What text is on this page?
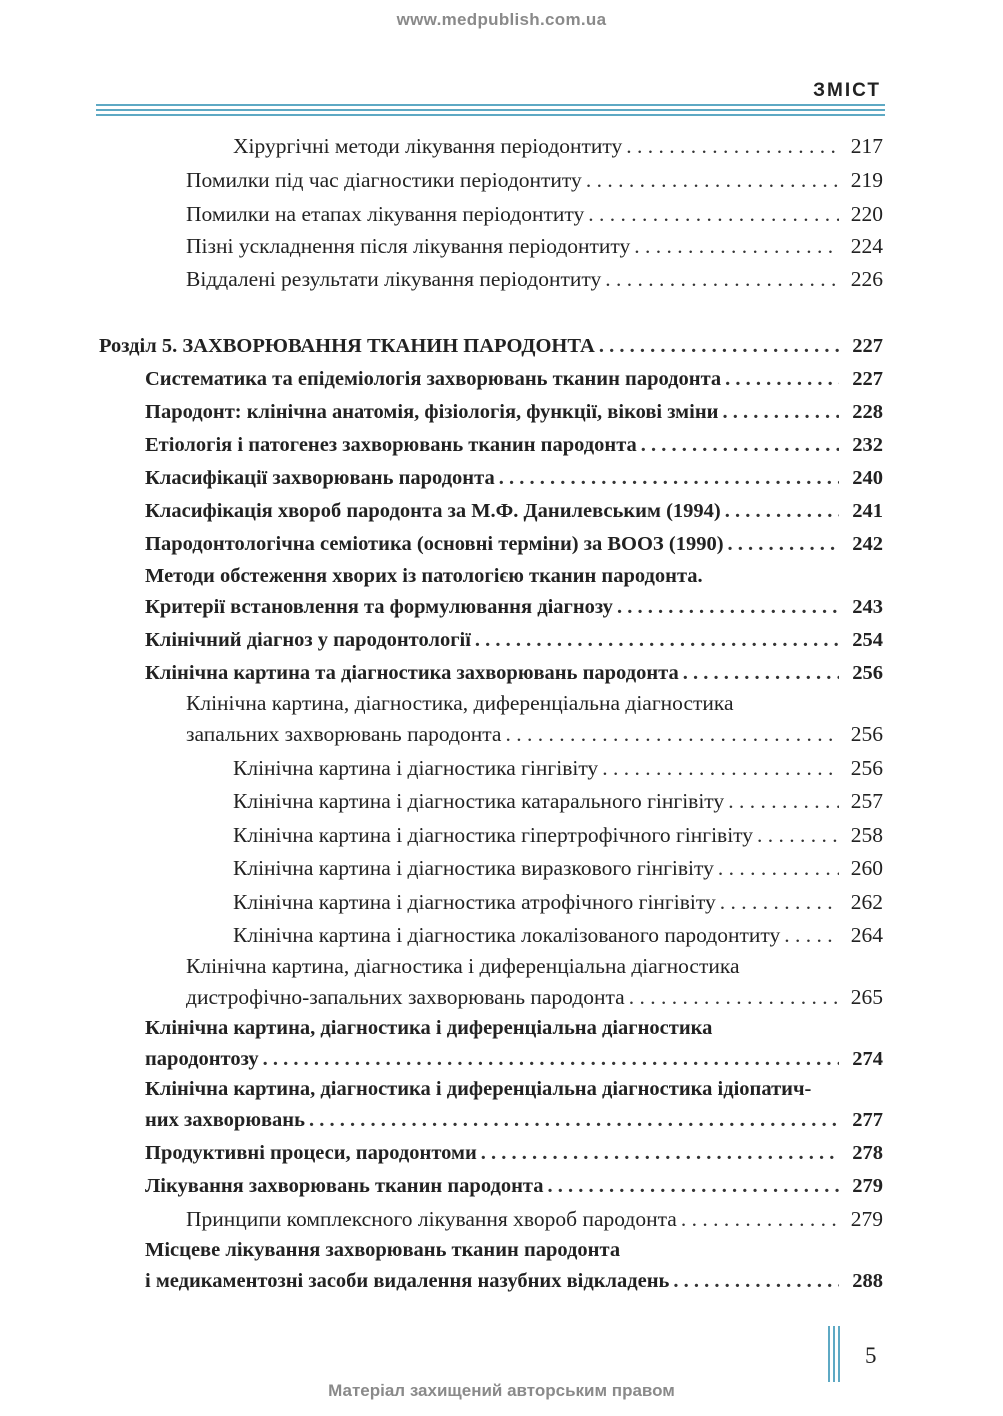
www.medpublish.com.ua
ЗМІСТ
Хірургічні методи лікування періодонтиту . . .	217
Помилки під час діагностики періодонтиту . . .	219
Помилки на етапах лікування періодонтиту . . .	220
Пізні ускладнення після лікування періодонтиту . . .	224
Віддалені результати лікування періодонтиту . . .	226
Розділ 5. ЗАХВОРЮВАННЯ ТКАНИН ПАРОДОНТА . . .	227
Систематика та епідеміологія захворювань тканин пародонта . . .	227
Пародонт: клінічна анатомія, фізіологія, функції, вікові зміни . . .	228
Етіологія і патогенез захворювань тканин пародонта . . .	232
Класифікації захворювань пародонта . . .	240
Класифікація хвороб пародонта за М.Ф. Данилевським (1994) . . .	241
Пародонтологічна семіотика (основні терміни) за ВООЗ (1990) . . .	242
Методи обстеження хворих із патологією тканин пародонта.
Критерії встановлення та формулювання діагнозу . . .	243
Клінічний діагноз у пародонтології . . .	254
Клінічна картина та діагностика захворювань пародонта . . .	256
Клінічна картина, діагностика, диференціальна діагностика
запальних захворювань пародонта . . .	256
Клінічна картина і діагностика гінгівіту . . .	256
Клінічна картина і діагностика катарального гінгівіту . . .	257
Клінічна картина і діагностика гіпертрофічного гінгівіту . . .	258
Клінічна картина і діагностика виразкового гінгівіту . . .	260
Клінічна картина і діагностика атрофічного гінгівіту . . .	262
Клінічна картина і діагностика локалізованого пародонтиту . . .	264
Клінічна картина, діагностика і диференціальна діагностика
дистрофічно-запальних захворювань пародонта . . .	265
Клінічна картина, діагностика і диференціальна діагностика
пародонтозу . . .	274
Клінічна картина, діагностика і диференціальна діагностика ідіопатич-
них захворювань . . .	277
Продуктивні процеси, пародонтоми . . .	278
Лікування захворювань тканин пародонта . . .	279
Принципи комплексного лікування хвороб пародонта . . .	279
Місцеве лікування захворювань тканин пародонта
і медикаментозні засоби видалення назубних відкладень . . .	288
5
Матеріал захищений авторським правом
